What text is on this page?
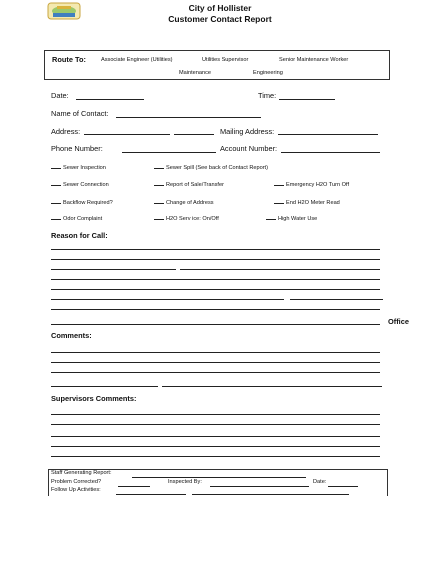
City of Hollister
Customer Contact Report
Route To:	Associate Engineer (Utilities)	Utilities Supervisor	Senior Maintenance Worker
Maintenance	Engineering
Date:	Time:
Name of Contact:
Address:	Mailing Address:
Phone Number:	Account Number:
Sewer Inspection	Sewer Spill (See back of Contact Report)
Sewer Connection	Report of Sale/Transfer	Emergency H2O Turn Off
Backflow Required?	Change of Address	End H2O Meter Read
Odor Complaint	H2O Serv ice: On/Off	High Water Use
Reason for Call:
Office
Comments:
Supervisors Comments:
Staff Generating Report:
Problem Corrected?	Inspected By:	Date:
Follow Up Activities:
